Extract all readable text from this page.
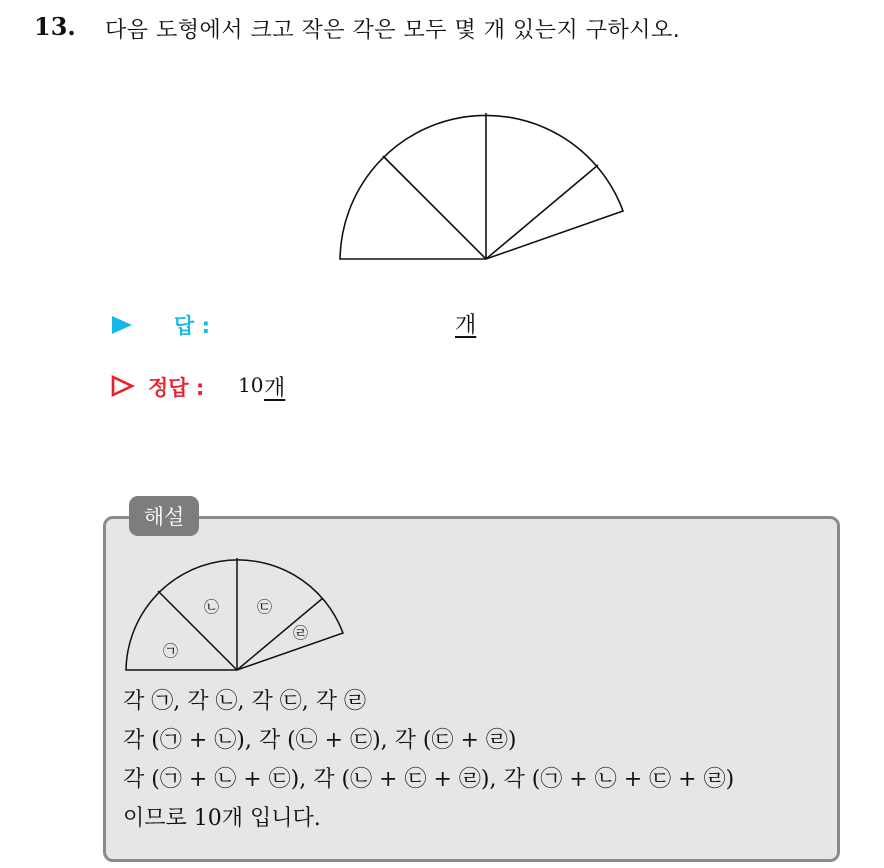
13. 다음 도형에서 크고 작은 각은 모두 몇 개 있는지 구하시오.
답 :	개
정답 : 10 개
해설
㉠
㉡	㉢
㉣
각 ㉠, 각 ㉡, 각 ㉢, 각 ㉣
각 (㉠ + ㉡), 각 (㉡ + ㉢), 각 (㉢ + ㉣)
각 (㉠ + ㉡ + ㉢), 각 (㉡ + ㉢ + ㉣), 각 (㉠ + ㉡ + ㉢ + ㉣)
이므로 10개 입니다.
